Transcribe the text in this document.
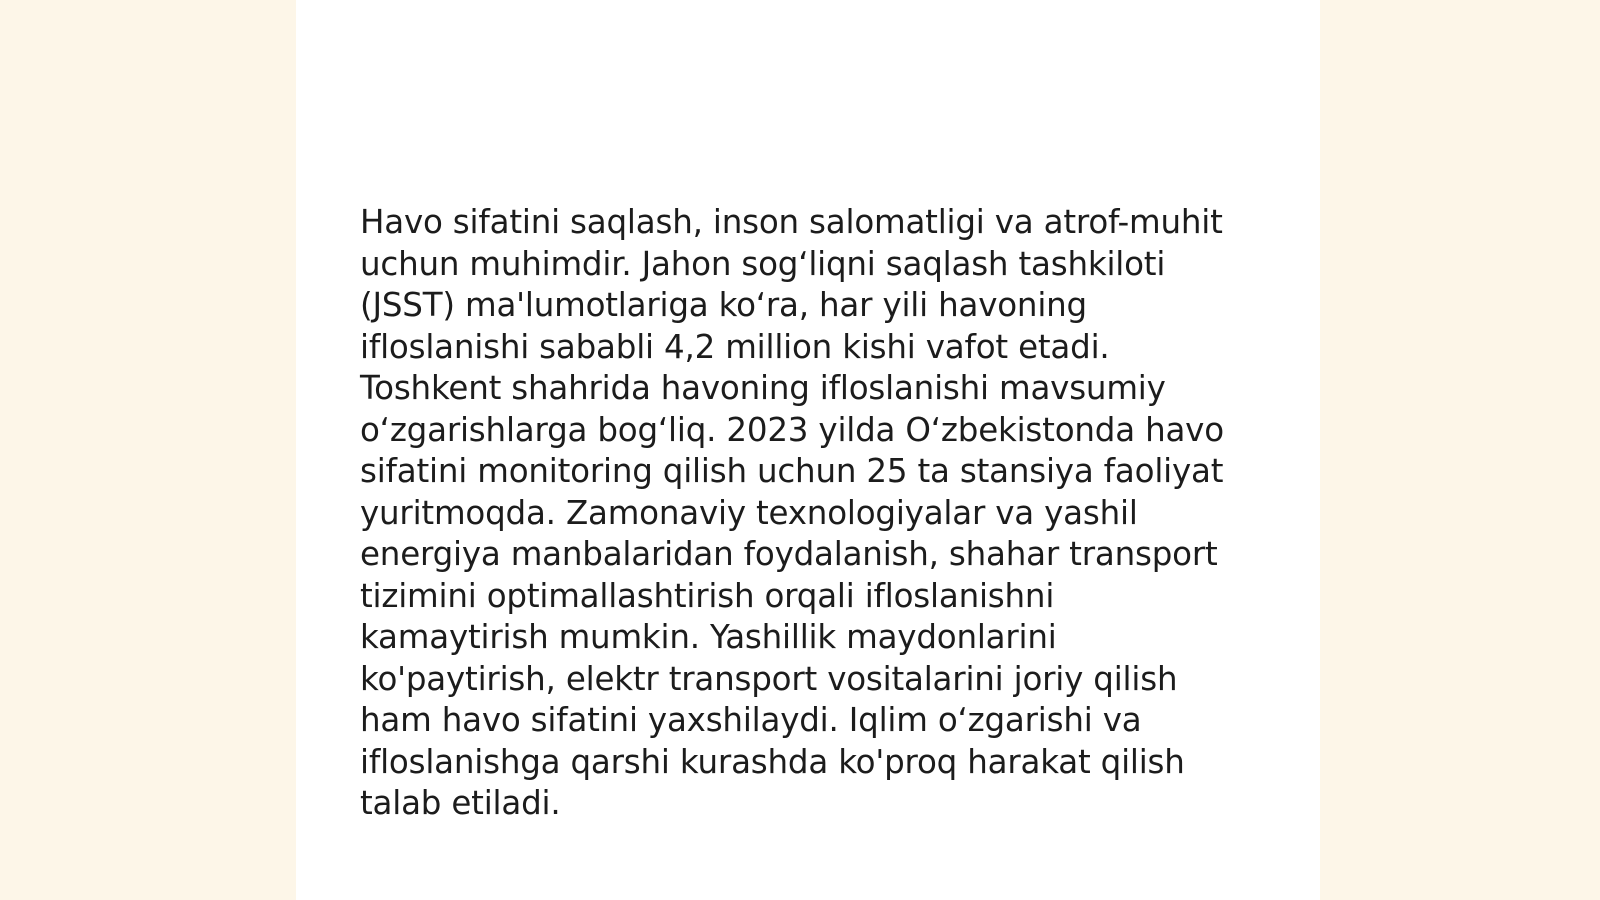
Havo sifatini saqlash, inson salomatligi va atrof-muhit
uchun muhimdir. Jahon sogʻliqni saqlash tashkiloti
(JSST) ma'lumotlariga koʻra, har yili havoning
ifloslanishi sababli 4,2 million kishi vafot etadi.
Toshkent shahrida havoning ifloslanishi mavsumiy
oʻzgarishlarga bogʻliq. 2023 yilda Oʻzbekistonda havo
sifatini monitoring qilish uchun 25 ta stansiya faoliyat
yuritmoqda. Zamonaviy texnologiyalar va yashil
energiya manbalaridan foydalanish, shahar transport
tizimini optimallashtirish orqali ifloslanishni
kamaytirish mumkin. Yashillik maydonlarini
ko'paytirish, elektr transport vositalarini joriy qilish
ham havo sifatini yaxshilaydi. Iqlim oʻzgarishi va
ifloslanishga qarshi kurashda ko'proq harakat qilish
talab etiladi.
